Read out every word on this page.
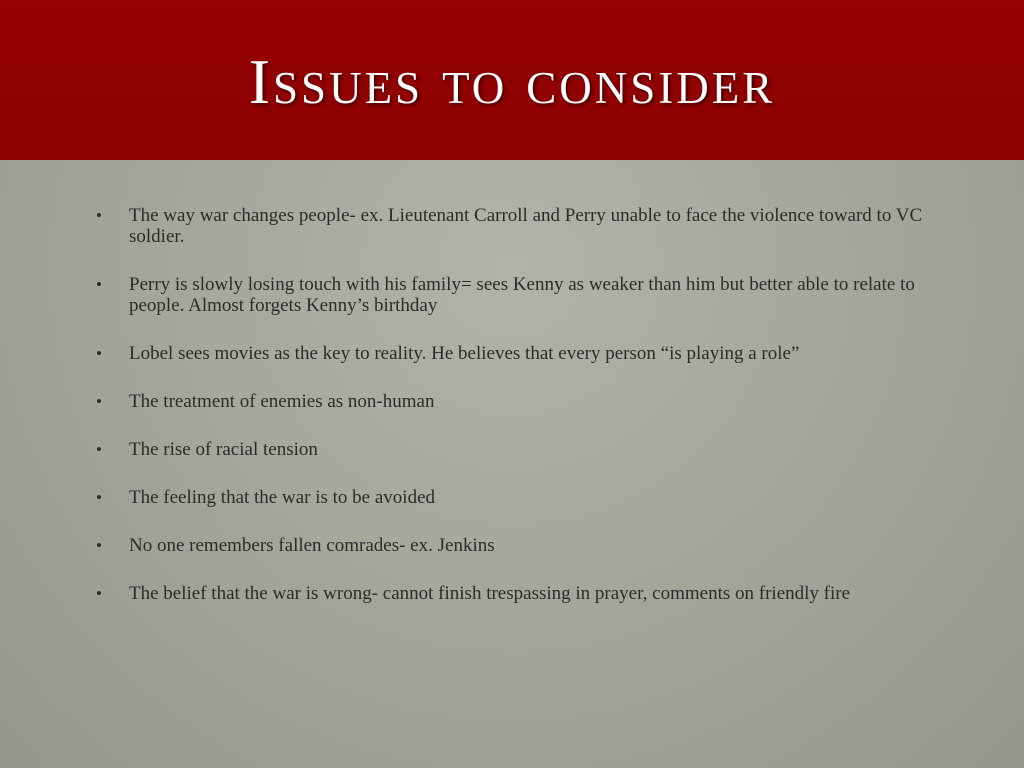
Issues to consider
• The way war changes people- ex. Lieutenant Carroll and Perry unable to face the violence toward to VC soldier.
• Perry is slowly losing touch with his family= sees Kenny as weaker than him but better able to relate to people. Almost forgets Kenny’s birthday
• Lobel sees movies as the key to reality. He believes that every person “is playing a role”
• The treatment of enemies as non-human
• The rise of racial tension
• The feeling that the war is to be avoided
• No one remembers fallen comrades- ex. Jenkins
• The belief that the war is wrong- cannot finish trespassing in prayer, comments on friendly fire
